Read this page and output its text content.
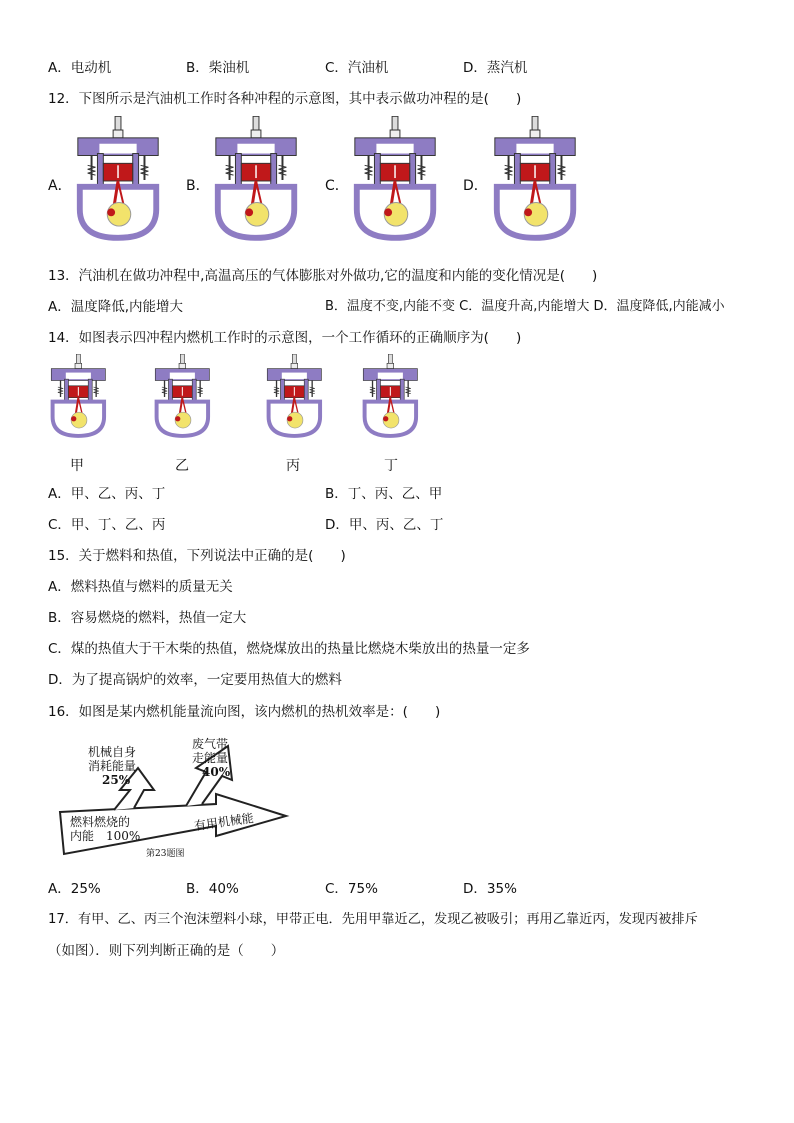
A．电动机	B．柴油机	C．汽油机	D．蒸汽机
12．下图所示是汽油机工作时各种冲程的示意图，其中表示做功冲程的是(　　)
A．	B．	C．	D．
13．汽油机在做功冲程中,高温高压的气体膨胀对外做功,它的温度和内能的变化情况是(　　)
A．温度降低,内能增大	B．温度不变,内能不变 C．温度升高,内能增大 D．温度降低,内能减小
14．如图表示四冲程内燃机工作时的示意图，一个工作循环的正确顺序为(　　)
甲	乙	丙	丁
A．甲、乙、丙、丁	B．丁、丙、乙、甲
C．甲、丁、乙、丙	D．甲、丙、乙、丁
15．关于燃料和热值，下列说法中正确的是(　　)
A．燃料热值与燃料的质量无关
B．容易燃烧的燃料，热值一定大
C．煤的热值大于干木柴的热值，燃烧煤放出的热量比燃烧木柴放出的热量一定多
D．为了提高锅炉的效率，一定要用热值大的燃料
16．如图是某内燃机能量流向图，该内燃机的热机效率是：(　　)
机械自身
消耗能量
25%
废气带
走能量
40%
燃料燃烧的
内能　100%
有用机械能
第23题图
A．25%	B．40%	C．75%	D．35%
17．有甲、乙、丙三个泡沫塑料小球，甲带正电．先用甲靠近乙，发现乙被吸引；再用乙靠近丙，发现丙被排斥
（如图）．则下列判断正确的是（　　）
